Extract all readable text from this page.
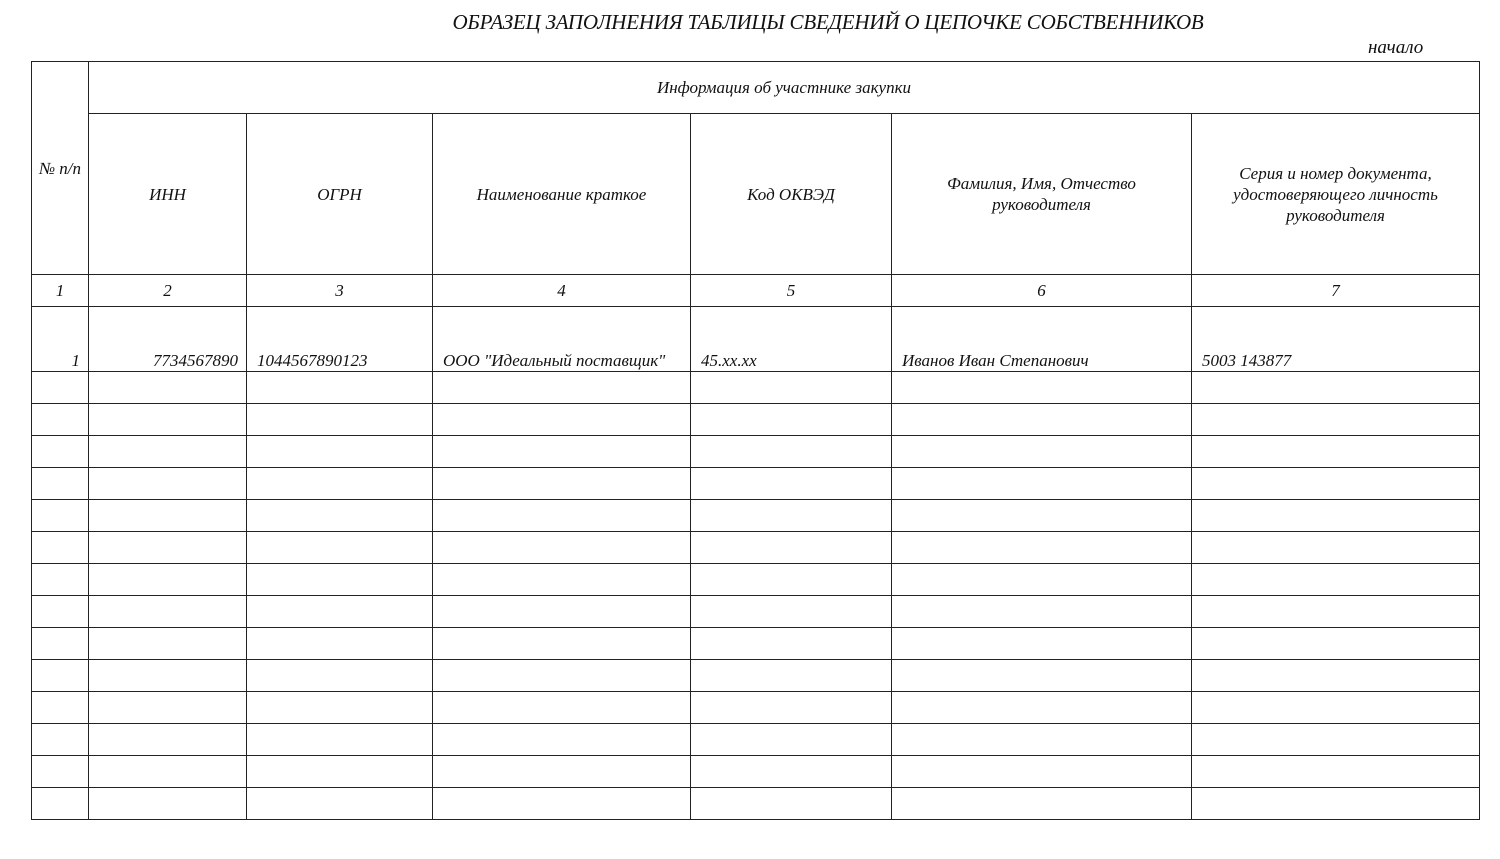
ОБРАЗЕЦ ЗАПОЛНЕНИЯ ТАБЛИЦЫ СВЕДЕНИЙ О ЦЕПОЧКЕ СОБСТВЕННИКОВ
начало
№ п/п	Информация об участнике закупки					
	ИНН	ОГРН	Наименование краткое	Код ОКВЭД	Фамилия, Имя, Отчество руководителя	Серия и номер документа, удостоверяющего личность руководителя
1	2	3	4	5	6	7
1	7734567890	1044567890123	ООО "Идеальный поставщик"	45.xx.xx	Иванов Иван Степанович	5003 143877
